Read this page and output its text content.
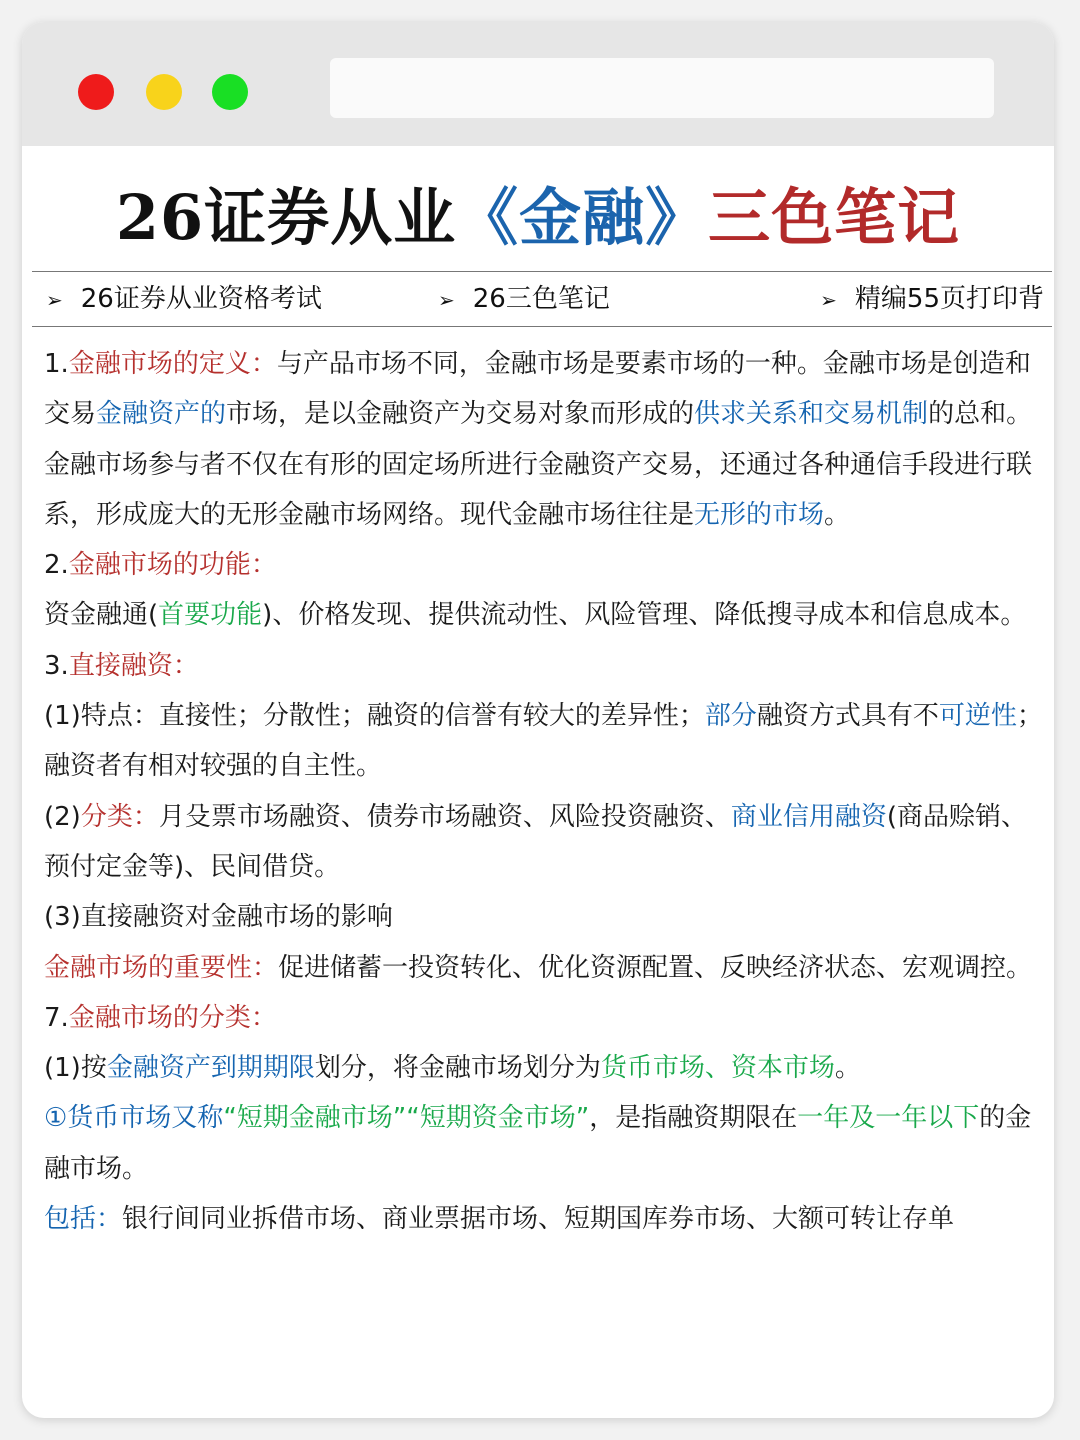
26证券从业《金融》三色笔记
➢ 26证券从业资格考试	➢ 26三色笔记	➢ 精编55页打印背

1.金融市场的定义：与产品市场不同，金融市场是要素市场的一种。金融市场是创造和交易金融资产的市场，是以金融资产为交易对象而形成的供求关系和交易机制的总和。金融市场参与者不仅在有形的固定场所进行金融资产交易，还通过各种通信手段进行联系，形成庞大的无形金融市场网络。现代金融市场往往是无形的市场。

2.金融市场的功能：

资金融通(首要功能)、价格发现、提供流动性、风险管理、降低搜寻成本和信息成本。

3.直接融资：

(1)特点：直接性；分散性；融资的信誉有较大的差异性；部分融资方式具有不可逆性；融资者有相对较强的自主性。

(2)分类：月殳票市场融资、债券市场融资、风险投资融资、商业信用融资(商品赊销、预付定金等)、民间借贷。

(3)直接融资对金融市场的影响

金融市场的重要性：促进储蓄一投资转化、优化资源配置、反映经济状态、宏观调控。

7.金融市场的分类：

(1)按金融资产到期期限划分，将金融市场划分为货币市场、资本市场。

①货币市场又称“短期金融市场”“短期资金市场”，是指融资期限在一年及一年以下的金融市场。

包括：银行间同业拆借市场、商业票据市场、短期国库券市场、大额可转让存单
